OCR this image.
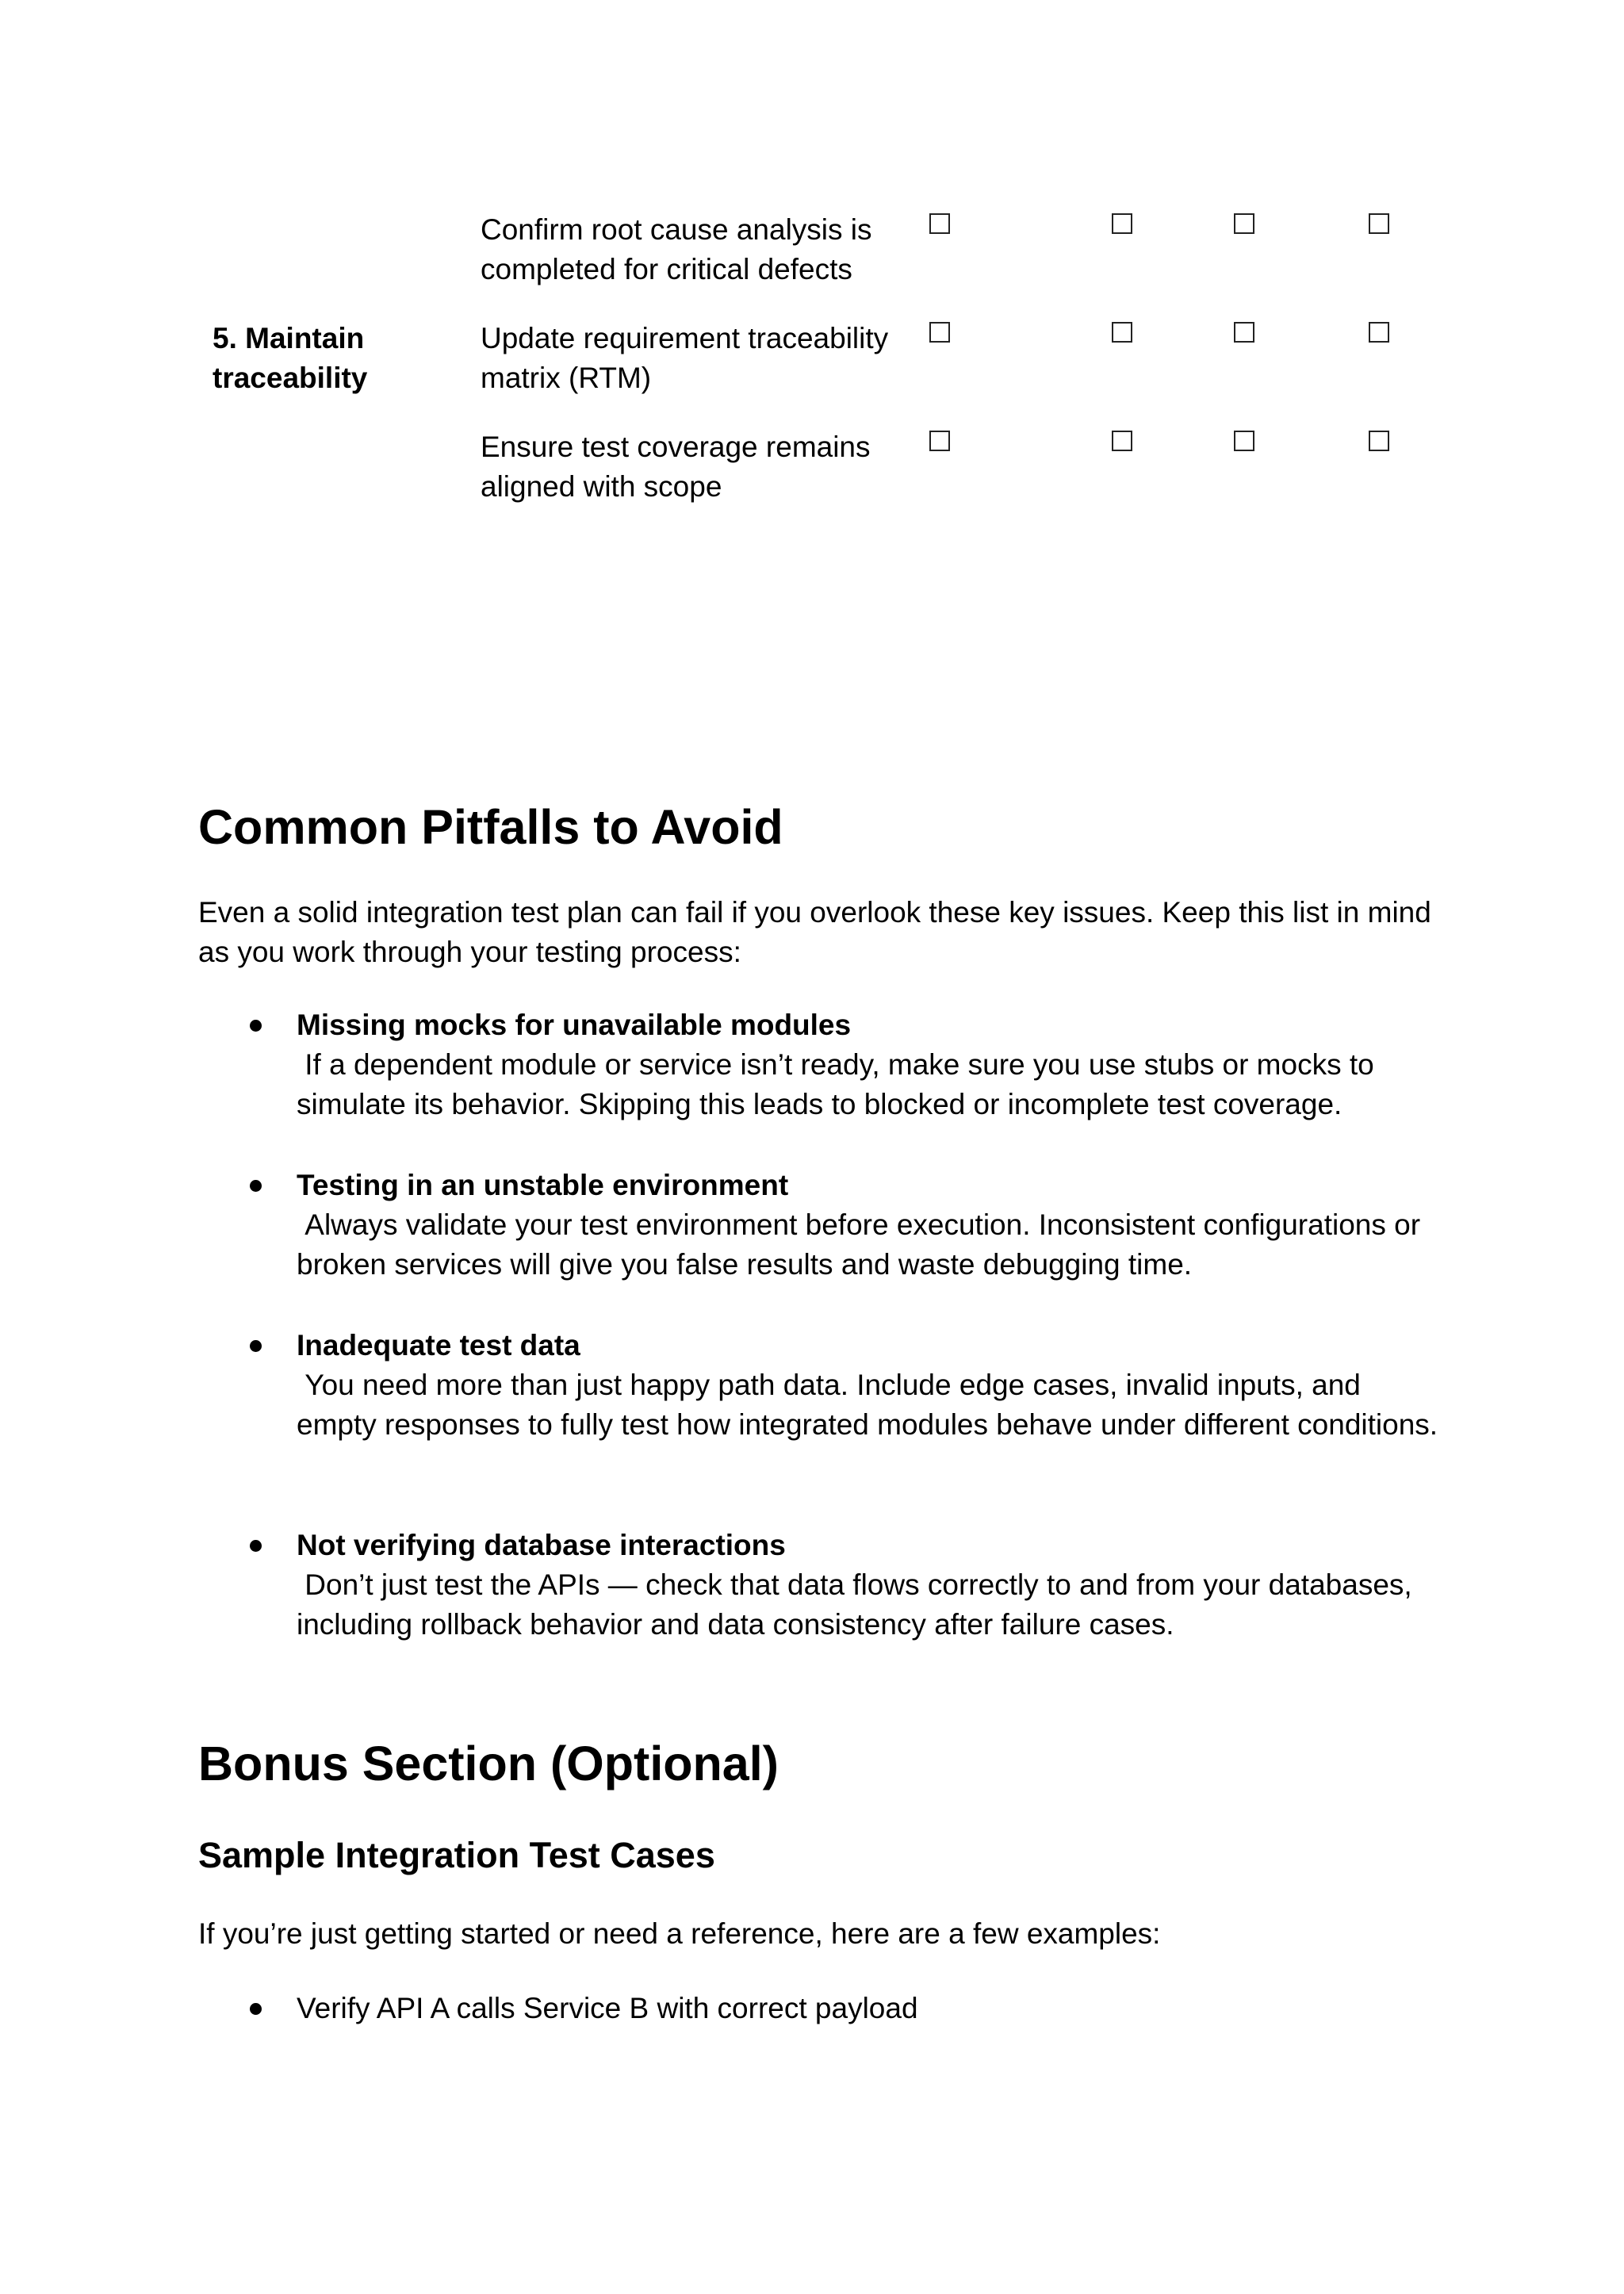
Confirm root cause analysis is completed for critical defects
5. Maintain traceability
Update requirement traceability matrix (RTM)
Ensure test coverage remains aligned with scope
Common Pitfalls to Avoid

Even a solid integration test plan can fail if you overlook these key issues. Keep this list in mind as you work through your testing process:

Missing mocks for unavailable modules
If a dependent module or service isn’t ready, make sure you use stubs or mocks to simulate its behavior. Skipping this leads to blocked or incomplete test coverage.
Testing in an unstable environment
Always validate your test environment before execution. Inconsistent configurations or broken services will give you false results and waste debugging time.
Inadequate test data
You need more than just happy path data. Include edge cases, invalid inputs, and empty responses to fully test how integrated modules behave under different conditions.
Not verifying database interactions
Don’t just test the APIs — check that data flows correctly to and from your databases, including rollback behavior and data consistency after failure cases.
Bonus Section (Optional)
Sample Integration Test Cases

If you’re just getting started or need a reference, here are a few examples:

Verify API A calls Service B with correct payload
